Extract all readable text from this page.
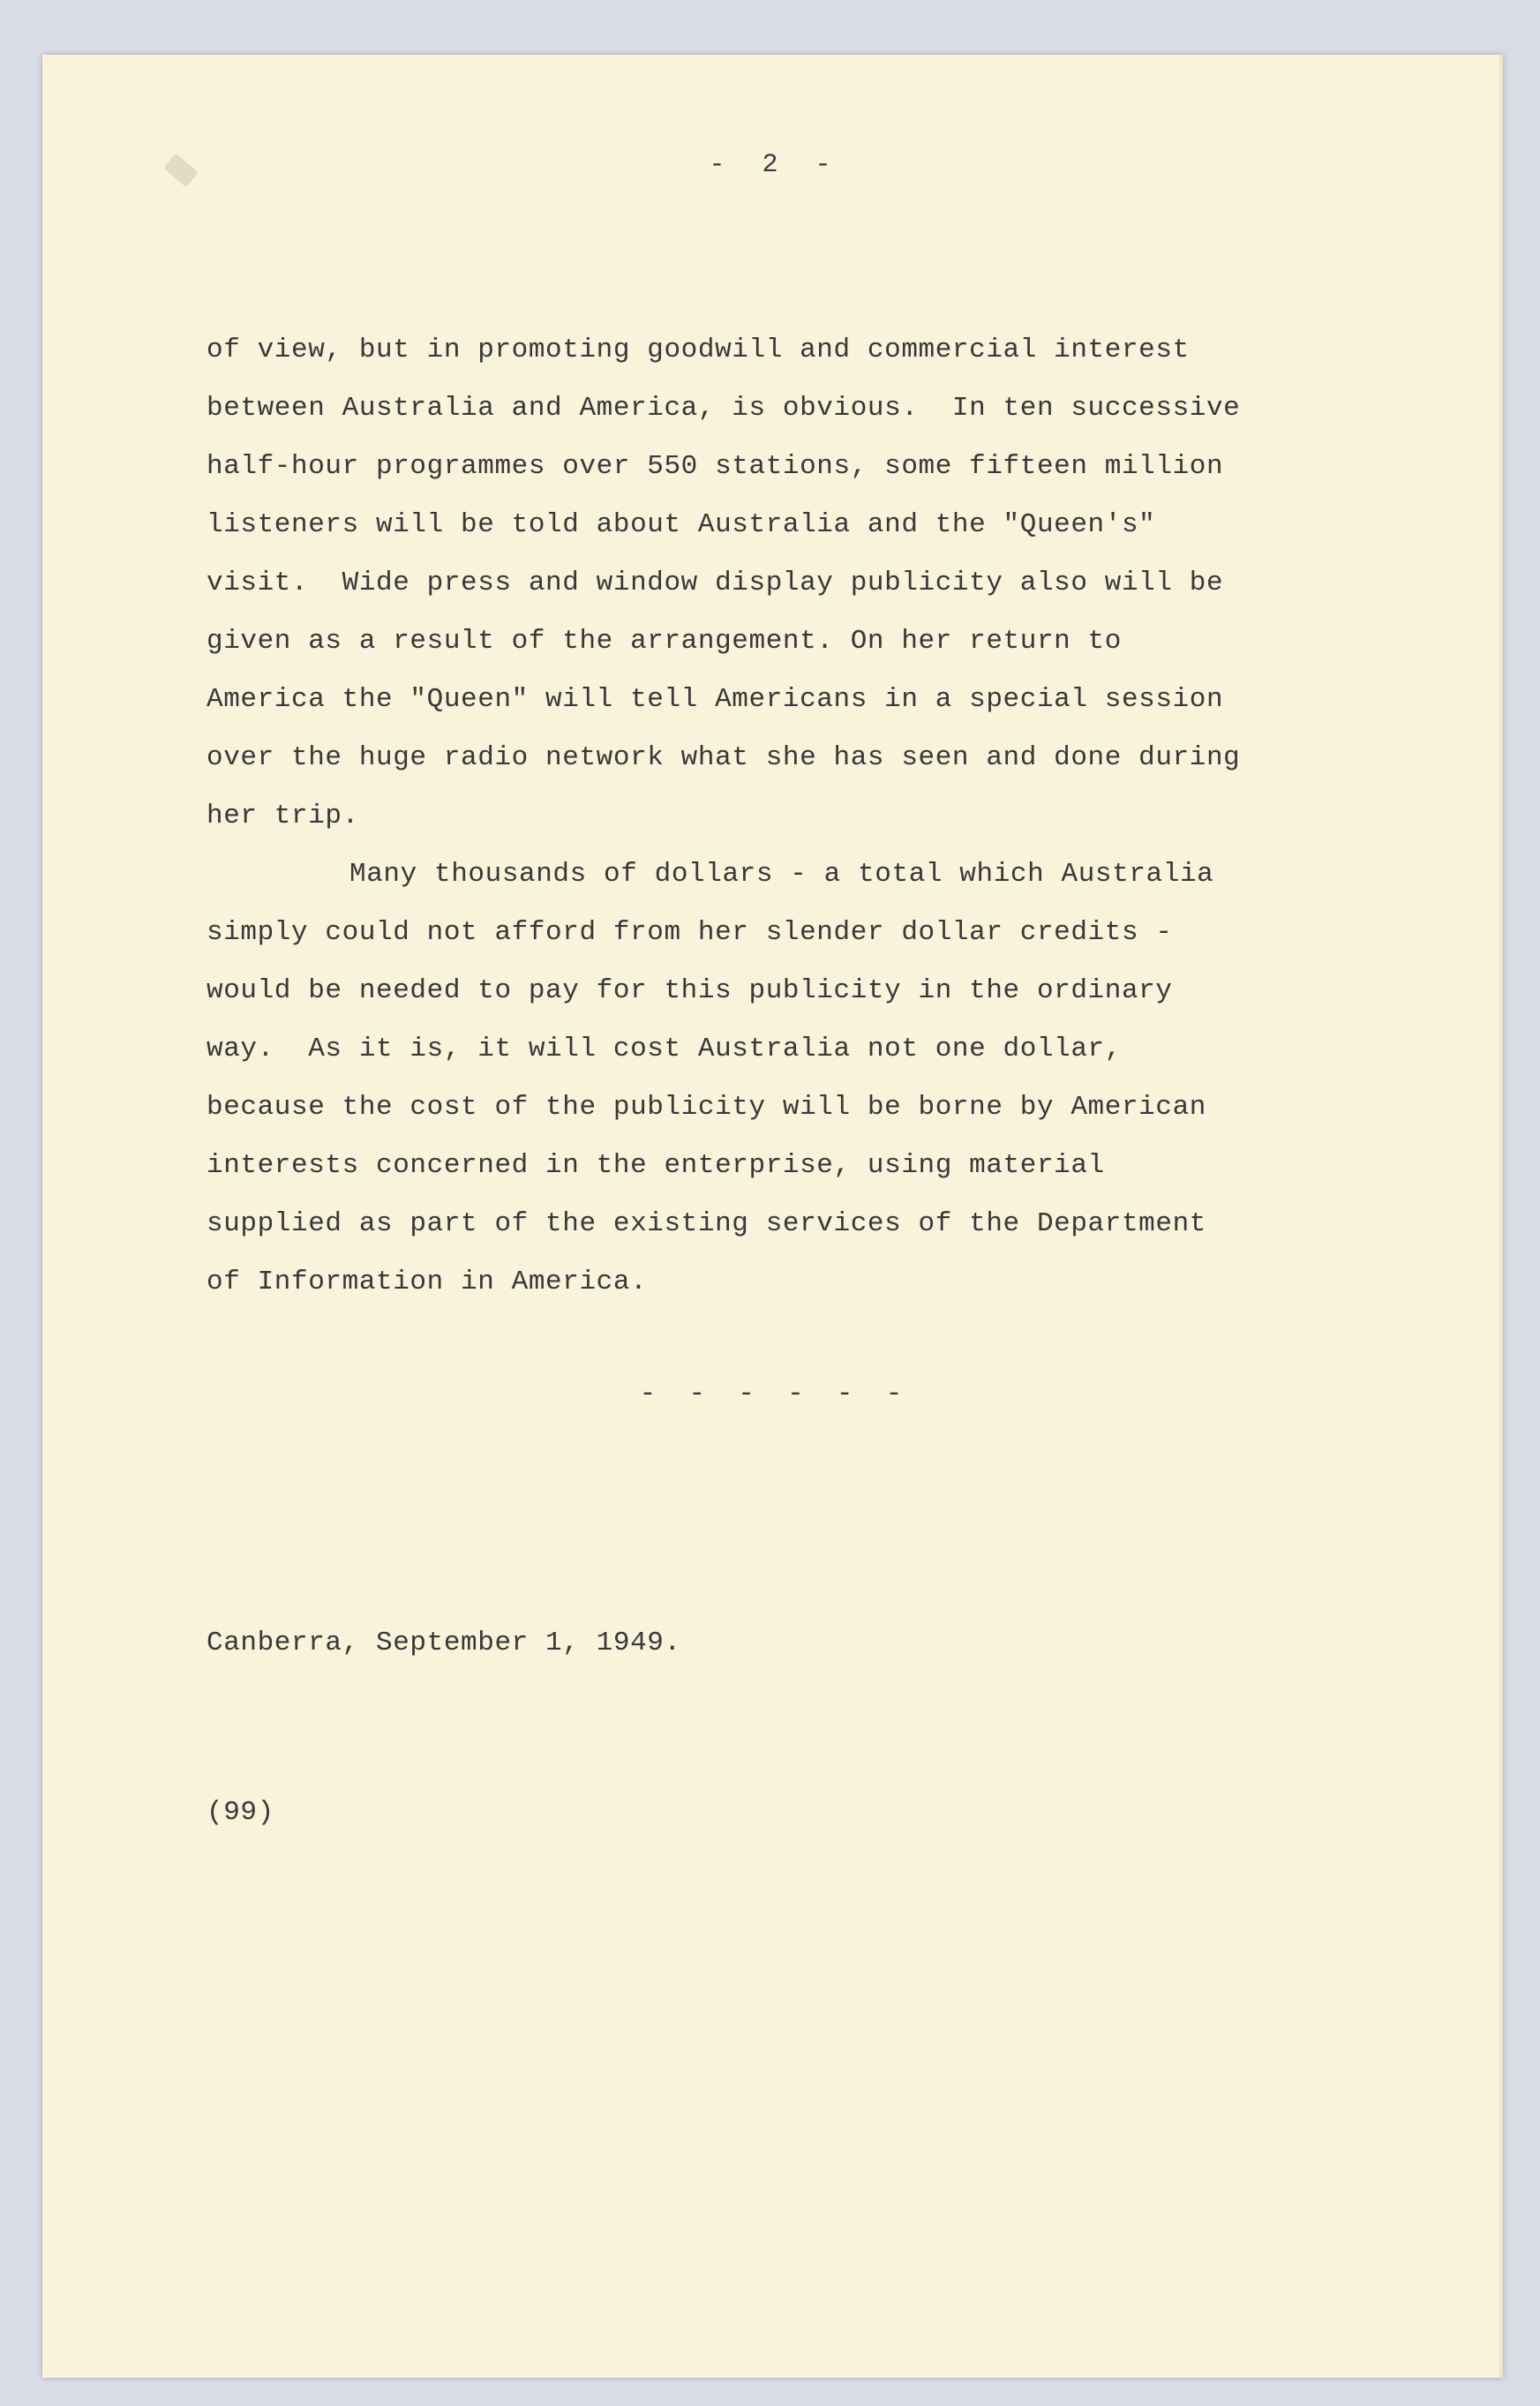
-  2  -
of view, but in promoting goodwill and commercial interest
between Australia and America, is obvious.  In ten successive
half-hour programmes over 550 stations, some fifteen million
listeners will be told about Australia and the "Queen's"
visit.  Wide press and window display publicity also will be
given as a result of the arrangement. On her return to
America the "Queen" will tell Americans in a special session
over the huge radio network what she has seen and done during
her trip.
Many thousands of dollars - a total which Australia
simply could not afford from her slender dollar credits -
would be needed to pay for this publicity in the ordinary
way.  As it is, it will cost Australia not one dollar,
because the cost of the publicity will be borne by American
interests concerned in the enterprise, using material
supplied as part of the existing services of the Department
of Information in America.
-  -  -  -  -  -

Canberra, September 1, 1949.

(99)
